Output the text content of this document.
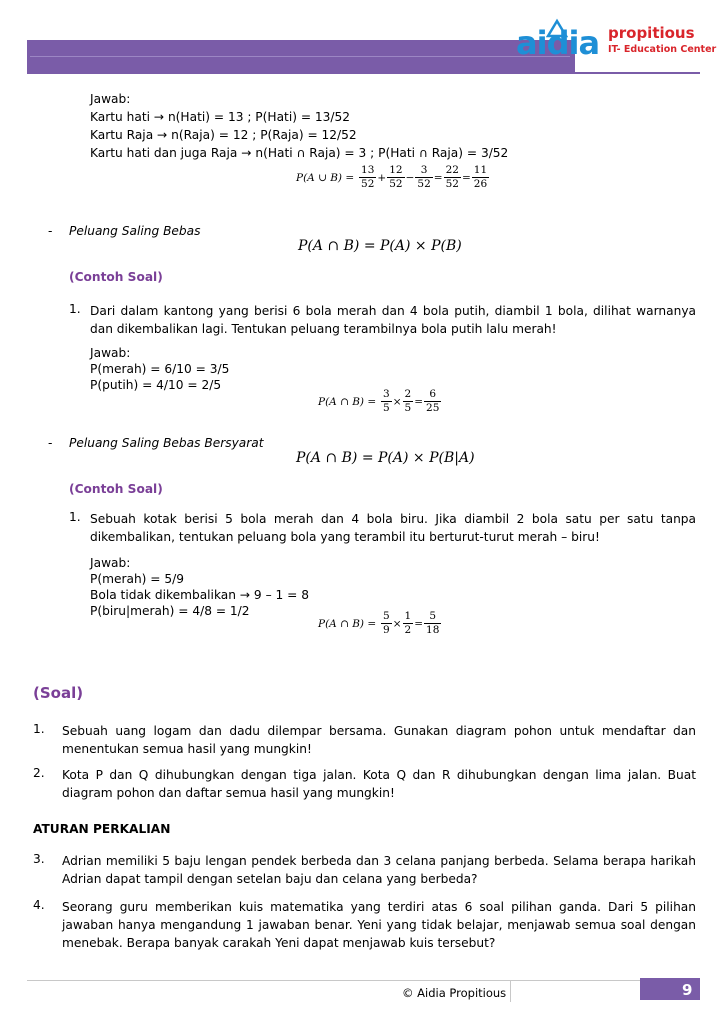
aidia propitious
IT- Education Center
Jawab:
Kartu hati → n(Hati) = 13 ; P(Hati) = 13/52
Kartu Raja → n(Raja) = 12 ; P(Raja) = 12/52
Kartu hati dan juga Raja → n(Hati ∩ Raja) = 3 ; P(Hati ∩ Raja) = 3/52
P(A ∪ $B) = \frac{13}{52} + \frac{12}{52} - \frac{3}{52} = \frac{22}{52} = \frac{11}{26}$
- Peluang Saling Bebas
P(A ∩ B) = P(A) × P(B)
(Contoh Soal)
1. Dari dalam kantong yang berisi 6 bola merah dan 4 bola putih, diambil 1 bola, dilihat warnanya dan dikembalikan lagi. Tentukan peluang terambilnya bola putih lalu merah!
Jawab:
P(merah) = 6/10 = 3/5
P(putih) = 4/10 = 2/5
P(A ∩ $B) = \frac{3}{5} \times \frac{2}{5} = \frac{6}{25}$
- Peluang Saling Bebas Bersyarat
P(A ∩ B) = P(A) × P(B|A)
(Contoh Soal)
1. Sebuah kotak berisi 5 bola merah dan 4 bola biru. Jika diambil 2 bola satu per satu tanpa dikembalikan, tentukan peluang bola yang terambil itu berturut-turut merah – biru!
Jawab:
P(merah) = 5/9
Bola tidak dikembalikan → 9 – 1 = 8
P(biru|merah) = 4/8 = 1/2
P(A ∩ $B) = \frac{5}{9} \times \frac{1}{2} = \frac{5}{18}$
(Soal)
1. Sebuah uang logam dan dadu dilempar bersama. Gunakan diagram pohon untuk mendaftar dan menentukan semua hasil yang mungkin!
2. Kota P dan Q dihubungkan dengan tiga jalan. Kota Q dan R dihubungkan dengan lima jalan. Buat diagram pohon dan daftar semua hasil yang mungkin!
ATURAN PERKALIAN
3. Adrian memiliki 5 baju lengan pendek berbeda dan 3 celana panjang berbeda. Selama berapa harikah Adrian dapat tampil dengan setelan baju dan celana yang berbeda?
4. Seorang guru memberikan kuis matematika yang terdiri atas 6 soal pilihan ganda. Dari 5 pilihan jawaban hanya mengandung 1 jawaban benar. Yeni yang tidak belajar, menjawab semua soal dengan menebak. Berapa banyak carakah Yeni dapat menjawab kuis tersebut?
© Aidia Propitious	9
